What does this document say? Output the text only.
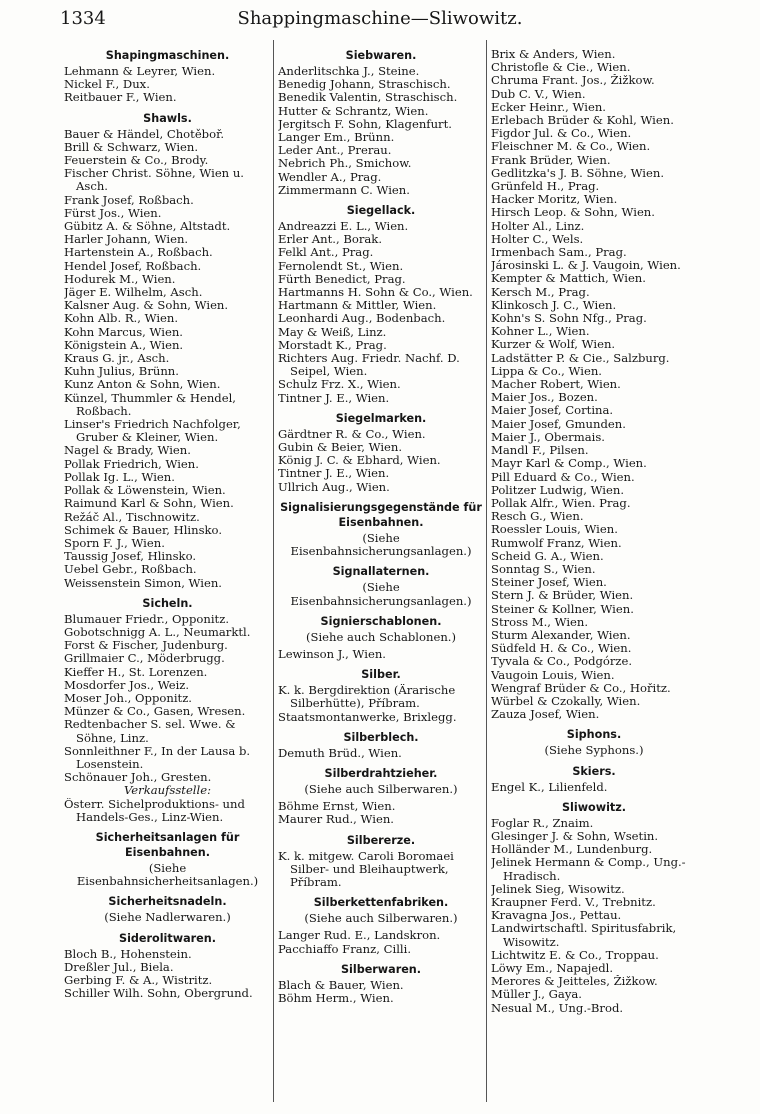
1334	Shappingmaschine—Sliwowitz.
Shapingmaschinen.
Lehmann & Leyrer, Wien.
Nickel F., Dux.
Reitbauer F., Wien.
Shawls.
Bauer & Händel, Chotěboř.
Brill & Schwarz, Wien.
Feuerstein & Co., Brody.
Fischer Christ. Söhne, Wien u. Asch.
Frank Josef, Roßbach.
Fürst Jos., Wien.
Gübitz A. & Söhne, Altstadt.
Harler Johann, Wien.
Hartenstein A., Roßbach.
Hendel Josef, Roßbach.
Hodurek M., Wien.
Jäger E. Wilhelm, Asch.
Kalsner Aug. & Sohn, Wien.
Kohn Alb. R., Wien.
Kohn Marcus, Wien.
Königstein A., Wien.
Kraus G. jr., Asch.
Kuhn Julius, Brünn.
Kunz Anton & Sohn, Wien.
Künzel, Thummler & Hendel, Roßbach.
Linser's Friedrich Nachfolger, Gruber & Kleiner, Wien.
Nagel & Brady, Wien.
Pollak Friedrich, Wien.
Pollak Ig. L., Wien.
Pollak & Löwenstein, Wien.
Raimund Karl & Sohn, Wien.
Režáč Al., Tischnowitz.
Schimek & Bauer, Hlinsko.
Sporn F. J., Wien.
Taussig Josef, Hlinsko.
Uebel Gebr., Roßbach.
Weissenstein Simon, Wien.
Sicheln.
Blumauer Friedr., Opponitz.
Gobotschnigg A. L., Neumarktl.
Forst & Fischer, Judenburg.
Grillmaier C., Möderbrugg.
Kieffer H., St. Lorenzen.
Mosdorfer Jos., Weiz.
Moser Joh., Opponitz.
Münzer & Co., Gasen, Wresen.
Redtenbacher S. sel. Wwe. & Söhne, Linz.
Sonnleithner F., In der Lausa b. Losenstein.
Schönauer Joh., Gresten.
Verkaufsstelle:
Österr. Sichelproduktions- und Handels-Ges., Linz-Wien.
Sicherheitsanlagen für Eisenbahnen.
(Siehe Eisenbahnsicherheitsanlagen.)
Sicherheitsnadeln.
(Siehe Nadlerwaren.)
Siderolitwaren.
Bloch B., Hohenstein.
Dreßler Jul., Biela.
Gerbing F. & A., Wistritz.
Schiller Wilh. Sohn, Obergrund.
Siebwaren.
Anderlitschka J., Steine.
Benedig Johann, Straschisch.
Benedik Valentin, Straschisch.
Hutter & Schrantz, Wien.
Jergitsch F. Sohn, Klagenfurt.
Langer Em., Brünn.
Leder Ant., Prerau.
Nebrich Ph., Smichow.
Wendler A., Prag.
Zimmermann C. Wien.
Siegellack.
Andreazzi E. L., Wien.
Erler Ant., Borak.
Felkl Ant., Prag.
Fernolendt St., Wien.
Fürth Benedict, Prag.
Hartmanns H. Sohn & Co., Wien.
Hartmann & Mittler, Wien.
Leonhardi Aug., Bodenbach.
May & Weiß, Linz.
Morstadt K., Prag.
Richters Aug. Friedr. Nachf. D. Seipel, Wien.
Schulz Frz. X., Wien.
Tintner J. E., Wien.
Siegelmarken.
Gärdtner R. & Co., Wien.
Gubin & Beier, Wien.
König J. C. & Ebhard, Wien.
Tintner J. E., Wien.
Ullrich Aug., Wien.
Signalisierungsgegenstände für Eisenbahnen.
(Siehe Eisenbahnsicherungsanlagen.)
Signallaternen.
(Siehe Eisenbahnsicherungsanlagen.)
Signierschablonen.
(Siehe auch Schablonen.)
Lewinson J., Wien.
Silber.
K. k. Bergdirektion (Ärarische Silberhütte), Příbram.
Staatsmontanwerke, Brixlegg.
Silberblech.
Demuth Brüd., Wien.
Silberdrahtzieher.
(Siehe auch Silberwaren.)
Böhme Ernst, Wien.
Maurer Rud., Wien.
Silbererze.
K. k. mitgew. Caroli Boromaei Silber- und Bleihauptwerk, Příbram.
Silberkettenfabriken.
(Siehe auch Silberwaren.)
Langer Rud. E., Landskron.
Pacchiaffo Franz, Cilli.
Silberwaren.
Blach & Bauer, Wien.
Böhm Herm., Wien.
Brix & Anders, Wien.
Christofle & Cie., Wien.
Chrumа Frant. Jos., Žižkow.
Dub C. V., Wien.
Ecker Heinr., Wien.
Erlebach Brüder & Kohl, Wien.
Figdor Jul. & Co., Wien.
Fleischner M. & Co., Wien.
Frank Brüder, Wien.
Gedlitzka's J. B. Söhne, Wien.
Grünfeld H., Prag.
Hacker Moritz, Wien.
Hirsch Leop. & Sohn, Wien.
Holter Al., Linz.
Holter C., Wels.
Irmenbach Sam., Prag.
Járosinski L. & J. Vaugoin, Wien.
Kempter & Mattich, Wien.
Kersch M., Prag.
Klinkosch J. C., Wien.
Kohn's S. Sohn Nfg., Prag.
Kohner L., Wien.
Kurzer & Wolf, Wien.
Ladstätter P. & Cie., Salzburg.
Lippa & Co., Wien.
Macher Robert, Wien.
Maier Jos., Bozen.
Maier Josef, Cortina.
Maier Josef, Gmunden.
Maier J., Obermais.
Mandl F., Pilsen.
Mayr Karl & Comp., Wien.
Pill Eduard & Co., Wien.
Politzer Ludwig, Wien.
Pollak Alfr., Wien. Prag.
Resch G., Wien.
Roessler Louis, Wien.
Rumwolf Franz, Wien.
Scheid G. A., Wien.
Sonntag S., Wien.
Steiner Josef, Wien.
Stern J. & Brüder, Wien.
Steiner & Kollner, Wien.
Stross M., Wien.
Sturm Alexander, Wien.
Südfeld H. & Co., Wien.
Tyvala & Co., Podgórze.
Vaugoin Louis, Wien.
Wengraf Brüder & Co., Hořitz.
Würbel & Czokally, Wien.
Zauza Josef, Wien.
Siphons.
(Siehe Syphons.)
Skiers.
Engel K., Lilienfeld.
Sliwowitz.
Foglar R., Znaim.
Glesinger J. & Sohn, Wsetin.
Holländer M., Lundenburg.
Jelinek Hermann & Comp., Ung.-Hradisch.
Jelinek Sieg, Wisowitz.
Kraupner Ferd. V., Trebnitz.
Kravagna Jos., Pettau.
Landwirtschaftl. Spiritusfabrik, Wisowitz.
Lichtwitz E. & Co., Troppau.
Löwy Em., Napajedl.
Merores & Jeitteles, Žižkow.
Müller J., Gaya.
Nesual M., Ung.-Brod.
